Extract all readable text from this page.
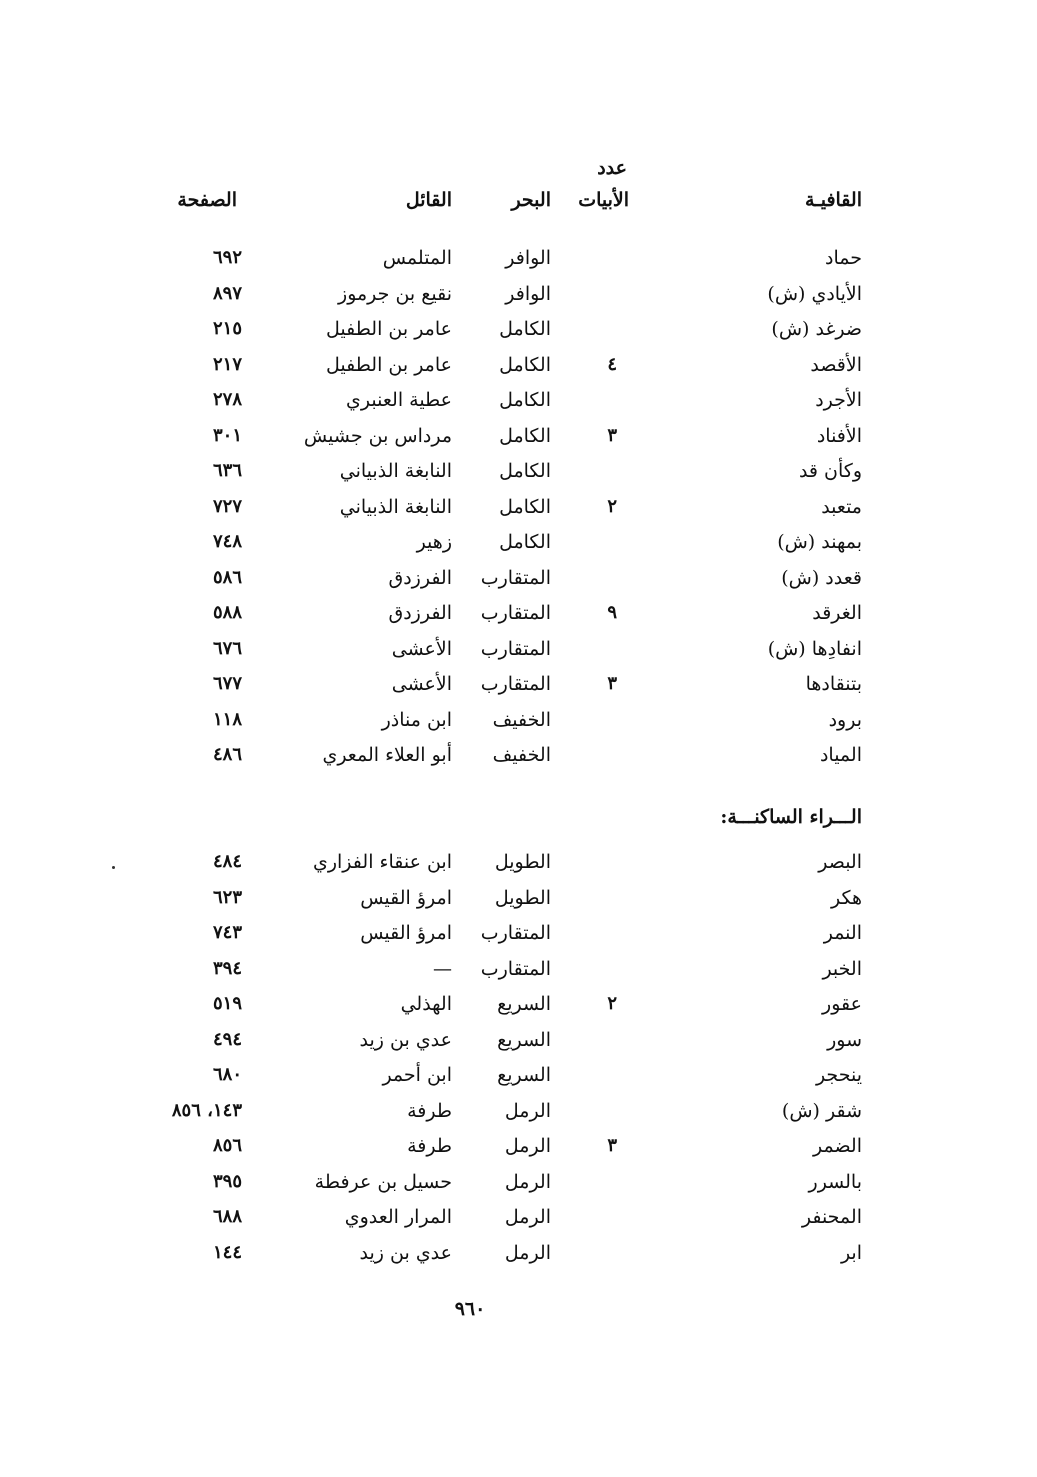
عدد
القافيـة
الأبيات
البحر
القائل
الصفحة
حماد
الوافر
المتلمس
٦٩٢
الأيادي (ش)
الوافر
نقيع بن جرموز
٨٩٧
ضرغد (ش)
الكامل
عامر بن الطفيل
٢١٥
الأقصد
٤
الكامل
عامر بن الطفيل
٢١٧
الأجرد
الكامل
عطية العنبري
٢٧٨
الأفناد
٣
الكامل
مرداس بن جشيش
٣٠١
وكأن قد
الكامل
النابغة الذبياني
٦٣٦
متعبد
٢
الكامل
النابغة الذبياني
٧٢٧
بمهند (ش)
الكامل
زهير
٧٤٨
قعدد (ش)
المتقارب
الفرزدق
٥٨٦
الغرقد
٩
المتقارب
الفرزدق
٥٨٨
انفادِها (ش)
المتقارب
الأعشى
٦٧٦
بتنقادها
٣
المتقارب
الأعشى
٦٧٧
برود
الخفيف
ابن مناذر
١١٨
المياد
الخفيف
أبو العلاء المعري
٤٨٦
الـــراء الساكنـــة:
البصر
الطويل
ابن عنقاء الفزاري
٤٨٤
هكر
الطويل
امرؤ القيس
٦٢٣
النمر
المتقارب
امرؤ القيس
٧٤٣
الخبر
المتقارب
—
٣٩٤
عقور
٢
السريع
الهذلي
٥١٩
سور
السريع
عدي بن زيد
٤٩٤
ينحجر
السريع
ابن أحمر
٦٨٠
شقر (ش)
الرمل
طرفة
١٤٣، ٨٥٦
الضمر
٣
الرمل
طرفة
٨٥٦
بالسرر
الرمل
حسيل بن عرفطة
٣٩٥
المحنفر
الرمل
المرار العدوي
٦٨٨
ابر
الرمل
عدي بن زيد
١٤٤
٩٦٠
